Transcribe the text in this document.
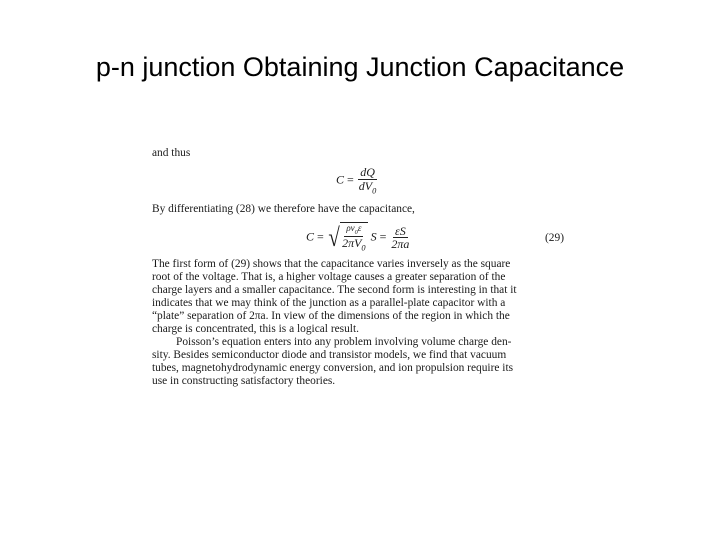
p-n junction Obtaining Junction Capacitance
and thus
$C = \frac{dQ}{dV_0}$
By differentiating (28) we therefore have the capacitance,
C = √ $\frac{\rho v_0\varepsilon}{2\pi V_0}$ $S = \frac{\varepsilon S}{2\pi a}$	(29)
The first form of (29) shows that the capacitance varies inversely as the square
root of the voltage. That is, a higher voltage causes a greater separation of the
charge layers and a smaller capacitance. The second form is interesting in that it
indicates that we may think of the junction as a parallel-plate capacitor with a
“plate” separation of 2πa. In view of the dimensions of the region in which the
charge is concentrated, this is a logical result.
Poisson’s equation enters into any problem involving volume charge den-
sity. Besides semiconductor diode and transistor models, we find that vacuum
tubes, magnetohydrodynamic energy conversion, and ion propulsion require its
use in constructing satisfactory theories.
